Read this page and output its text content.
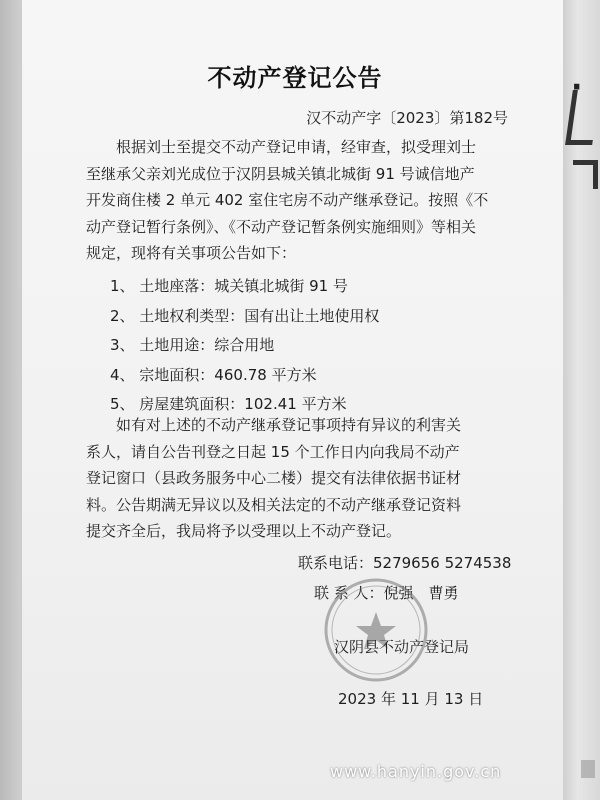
不动产登记公告
汉不动产字〔2023〕第182号
根据刘士至提交不动产登记申请，经审查，拟受理刘士
至继承父亲刘光成位于汉阴县城关镇北城街 91 号诚信地产
开发商住楼 2 单元 402 室住宅房不动产继承登记。按照《不
动产登记暂行条例》、《不动产登记暂条例实施细则》等相关
规定，现将有关事项公告如下：
1、 土地座落：城关镇北城街 91 号
2、 土地权利类型：国有出让土地使用权
3、 土地用途：综合用地
4、 宗地面积：460.78 平方米
5、 房屋建筑面积：102.41 平方米
如有对上述的不动产继承登记事项持有异议的利害关
系人，请自公告刊登之日起 15 个工作日内向我局不动产
登记窗口（县政务服务中心二楼）提交有法律依据书证材
料。公告期满无异议以及相关法定的不动产继承登记资料
提交齐全后，我局将予以受理以上不动产登记。
联系电话：5279656 5274538
联 系 人：倪强　曹勇
汉阴县不动产登记局
2023 年 11 月 13 日
·
www.hanyin.gov.cn
